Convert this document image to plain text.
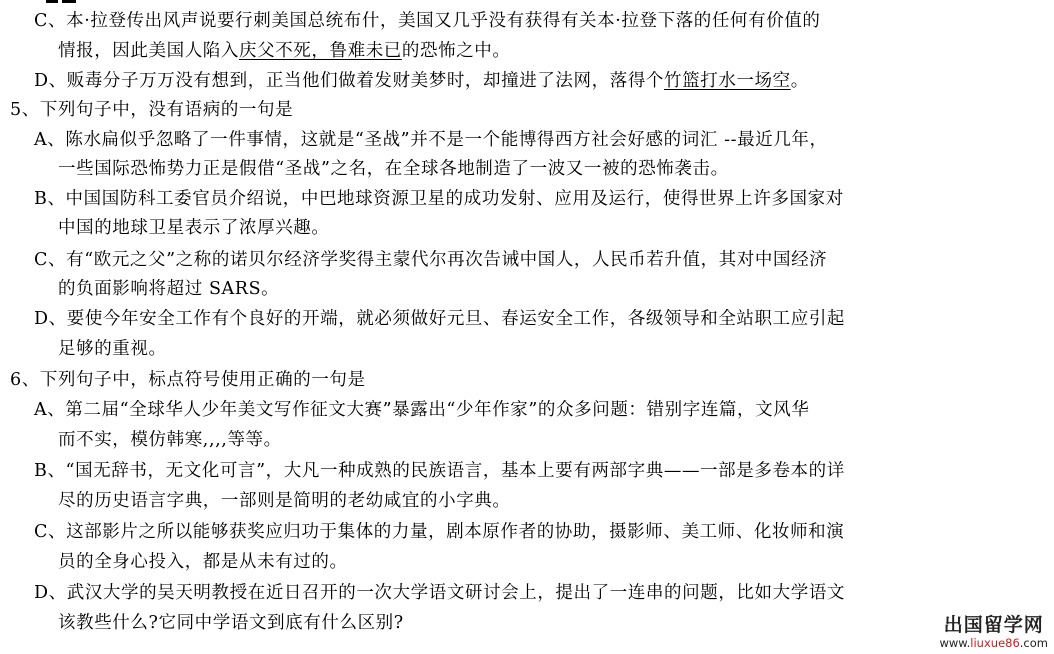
C、本·拉登传出风声说要行刺美国总统布什，美国又几乎没有获得有关本·拉登下落的任何有价值的
情报，因此美国人陷入庆父不死，鲁难未已的恐怖之中。
D、贩毒分子万万没有想到，正当他们做着发财美梦时，却撞进了法网，落得个竹篮打水一场空。
5、下列句子中，没有语病的一句是
A、陈水扁似乎忽略了一件事情，这就是“圣战”并不是一个能博得西方社会好感的词汇 --最近几年，
一些国际恐怖势力正是假借“圣战”之名，在全球各地制造了一波又一被的恐怖袭击。
B、中国国防科工委官员介绍说，中巴地球资源卫星的成功发射、应用及运行，使得世界上许多国家对
中国的地球卫星表示了浓厚兴趣。
C、有“欧元之父”之称的诺贝尔经济学奖得主蒙代尔再次告诫中国人，人民币若升值，其对中国经济
的负面影响将超过 SARS。
D、要使今年安全工作有个良好的开端，就必须做好元旦、春运安全工作，各级领导和全站职工应引起
足够的重视。
6、下列句子中，标点符号使用正确的一句是
A、第二届“全球华人少年美文写作征文大赛”暴露出“少年作家”的众多问题：错别字连篇，文风华
而不实，模仿韩寒,,,,等等。
B、“国无辞书，无文化可言”，大凡一种成熟的民族语言，基本上要有两部字典——一部是多卷本的详
尽的历史语言字典，一部则是简明的老幼咸宜的小字典。
C、这部影片之所以能够获奖应归功于集体的力量，剧本原作者的协助，摄影师、美工师、化妆师和演
员的全身心投入，都是从未有过的。
D、武汉大学的吴天明教授在近日召开的一次大学语文研讨会上，提出了一连串的问题，比如大学语文
该教些什么?它同中学语文到底有什么区别?	出国留学网
www.liuxue86.com
